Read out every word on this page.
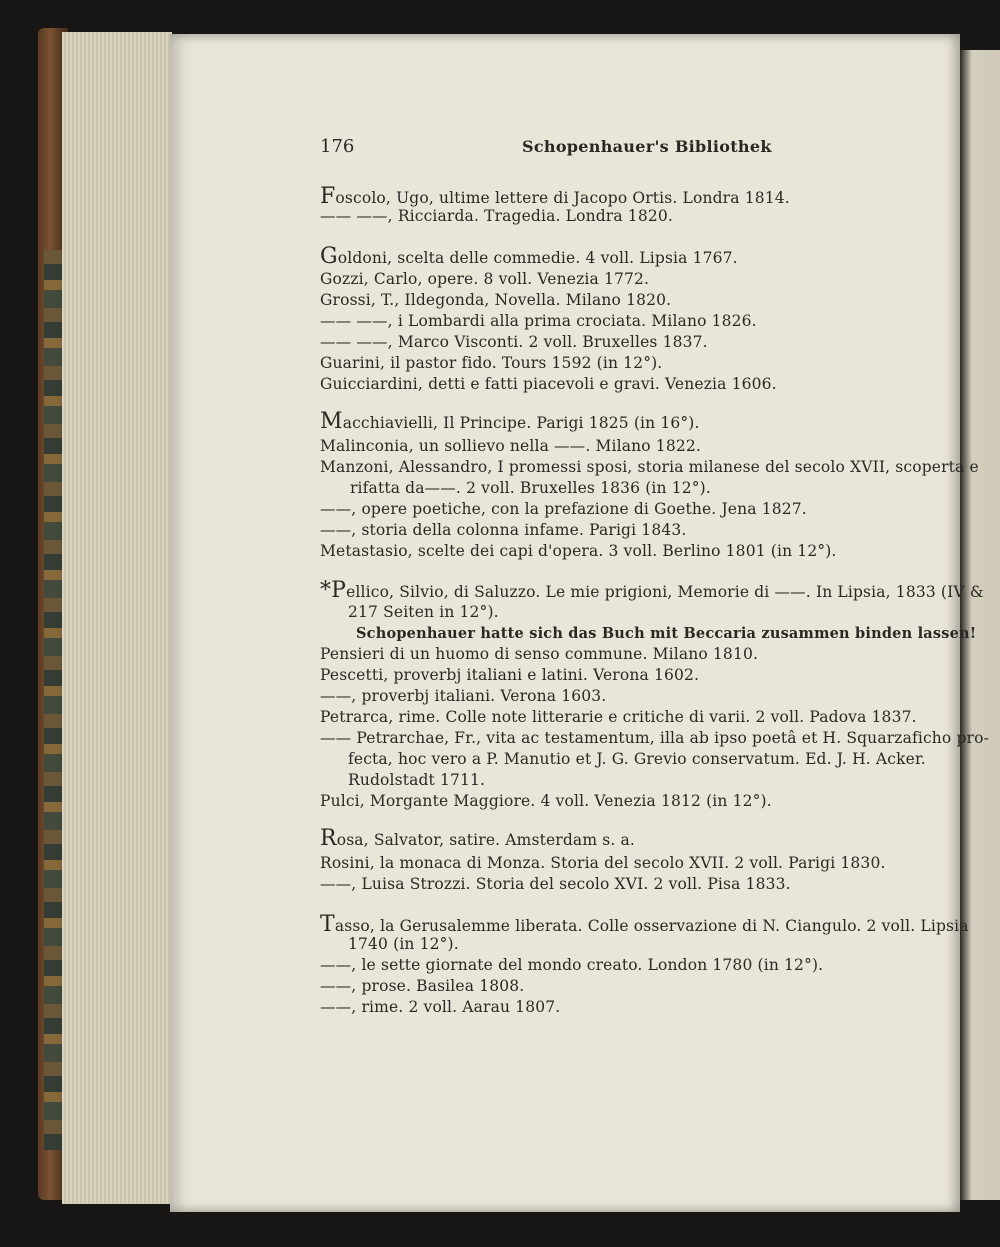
176	Schopenhauer's Bibliothek
Foscolo, Ugo, ultime lettere di Jacopo Ortis. Londra 1814.
—— ——, Ricciarda. Tragedia. Londra 1820.
Goldoni, scelta delle commedie. 4 voll. Lipsia 1767.
Gozzi, Carlo, opere. 8 voll. Venezia 1772.
Grossi, T., Ildegonda, Novella. Milano 1820.
—— ——, i Lombardi alla prima crociata. Milano 1826.
—— ——, Marco Visconti. 2 voll. Bruxelles 1837.
Guarini, il pastor fido. Tours 1592 (in 12°).
Guicciardini, detti e fatti piacevoli e gravi. Venezia 1606.
Macchiavielli, Il Principe. Parigi 1825 (in 16°).
Malinconia, un sollievo nella ——. Milano 1822.
Manzoni, Alessandro, I promessi sposi, storia milanese del secolo XVII, scoperta e
rifatta da——. 2 voll. Bruxelles 1836 (in 12°).
——, opere poetiche, con la prefazione di Goethe. Jena 1827.
——, storia della colonna infame. Parigi 1843.
Metastasio, scelte dei capi d'opera. 3 voll. Berlino 1801 (in 12°).
*Pellico, Silvio, di Saluzzo. Le mie prigioni, Memorie di ——. In Lipsia, 1833 (IV &
217 Seiten in 12°).
Schopenhauer hatte sich das Buch mit Beccaria zusammen binden lassen!
Pensieri di un huomo di senso commune. Milano 1810.
Pescetti, proverbj italiani e latini. Verona 1602.
——, proverbj italiani. Verona 1603.
Petrarca, rime. Colle note litterarie e critiche di varii. 2 voll. Padova 1837.
—— Petrarchae, Fr., vita ac testamentum, illa ab ipso poetâ et H. Squarzaficho pro-
fecta, hoc vero a P. Manutio et J. G. Grevio conservatum. Ed. J. H. Acker.
Rudolstadt 1711.
Pulci, Morgante Maggiore. 4 voll. Venezia 1812 (in 12°).
Rosa, Salvator, satire. Amsterdam s. a.
Rosini, la monaca di Monza. Storia del secolo XVII. 2 voll. Parigi 1830.
——, Luisa Strozzi. Storia del secolo XVI. 2 voll. Pisa 1833.
Tasso, la Gerusalemme liberata. Colle osservazione di N. Ciangulo. 2 voll. Lipsia
1740 (in 12°).
——, le sette giornate del mondo creato. London 1780 (in 12°).
——, prose. Basilea 1808.
——, rime. 2 voll. Aarau 1807.
